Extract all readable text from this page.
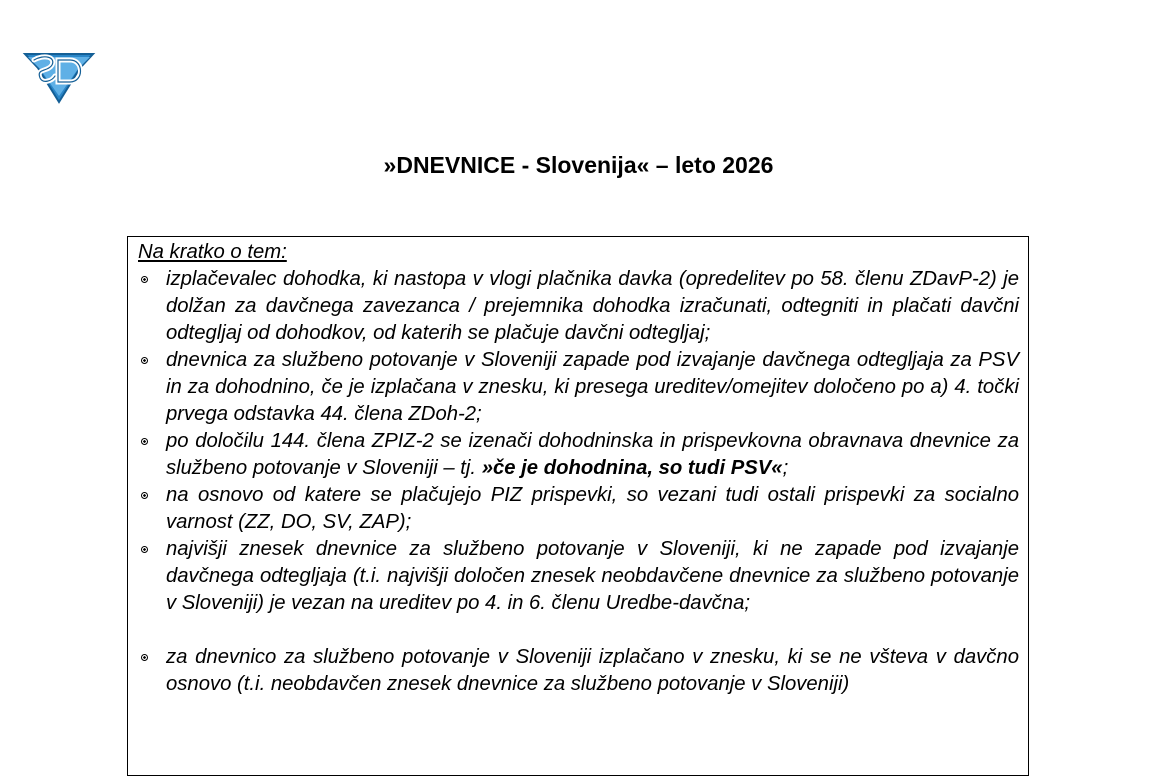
»DNEVNICE - Slovenija« – leto 2026
Na kratko o tem:
izplačevalec dohodka, ki nastopa v vlogi plačnika davka (opredelitev po 58. členu ZDavP-2) je dolžan za davčnega zavezanca / prejemnika dohodka izračunati, odtegniti in plačati davčni odtegljaj od dohodkov, od katerih se plačuje davčni odtegljaj;
dnevnica za službeno potovanje v Sloveniji zapade pod izvajanje davčnega odtegljaja za PSV in za dohodnino, če je izplačana v znesku, ki presega ureditev/omejitev določeno po a) 4. točki prvega odstavka 44. člena ZDoh-2;
po določilu 144. člena ZPIZ-2 se izenači dohodninska in prispevkovna obravnava dnevnice za službeno potovanje v Sloveniji – tj. »če je dohodnina, so tudi PSV«;
na osnovo od katere se plačujejo PIZ prispevki, so vezani tudi ostali prispevki za socialno varnost (ZZ, DO, SV, ZAP);
najvišji znesek dnevnice za službeno potovanje v Sloveniji, ki ne zapade pod izvajanje davčnega odtegljaja (t.i. najvišji določen znesek neobdavčene dnevnice za službeno potovanje v Sloveniji) je vezan na ureditev po 4. in 6. členu Uredbe-davčna;
za dnevnico za službeno potovanje v Sloveniji izplačano v znesku, ki se ne všteva v davčno osnovo (t.i. neobdavčen znesek dnevnice za službeno potovanje v Sloveniji)
